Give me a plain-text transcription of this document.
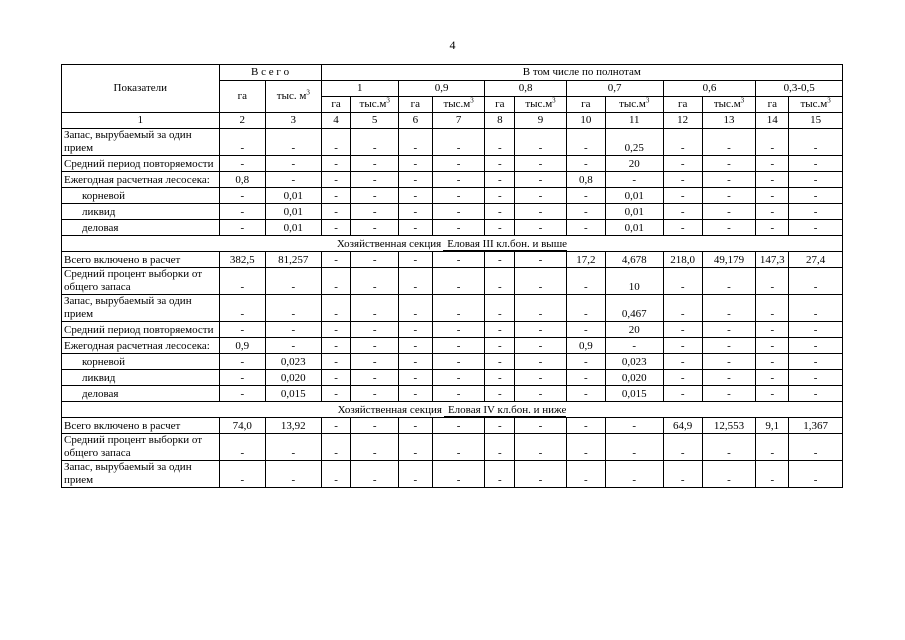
4
Показатели	В с е г о		В том числе по полнотам											
	га	тыс. $м^3$	1		0,9		0,8		0,7		0,6		0,3-0,5	
			га	$тыс.м^3$	га	$тыс.м^3$	га	$тыс.м^3$	га	$тыс.м^3$	га	$тыс.м^3$	га	$тыс.м^3$
1	2	3	4	5	6	7	8	9	10	11	12	13	14	15
Запас, вырубаемый за один прием	-	-	-	-	-	-	-	-	-	0,25	-	-	-	-
Средний период повторяемости	-	-	-	-	-	-	-	-	-	20	-	-	-	-
Ежегодная расчетная лесосека:	0,8	-	-	-	-	-	-	-	0,8	-	-	-	-	-
корневой	-	0,01	-	-	-	-	-	-	-	0,01	-	-	-	-
ликвид	-	0,01	-	-	-	-	-	-	-	0,01	-	-	-	-
деловая	-	0,01	-	-	-	-	-	-	-	0,01	-	-	-	-
Хозяйственная секция Еловая III кл.бон. и выше														
Всего включено в расчет	382,5	81,257	-	-	-	-	-	-	17,2	4,678	218,0	49,179	147,3	27,4
Средний процент выборки от общего запаса	-	-	-	-	-	-	-	-	-	10	-	-	-	-
Запас, вырубаемый за один прием	-	-	-	-	-	-	-	-	-	0,467	-	-	-	-
Средний период повторяемости	-	-	-	-	-	-	-	-	-	20	-	-	-	-
Ежегодная расчетная лесосека:	0,9	-	-	-	-	-	-	-	0,9	-	-	-	-	-
корневой	-	0,023	-	-	-	-	-	-	-	0,023	-	-	-	-
ликвид	-	0,020	-	-	-	-	-	-	-	0,020	-	-	-	-
деловая	-	0,015	-	-	-	-	-	-	-	0,015	-	-	-	-
Хозяйственная секция Еловая IV кл.бон. и ниже														
Всего включено в расчет	74,0	13,92	-	-	-	-	-	-	-	-	64,9	12,553	9,1	1,367
Средний процент выборки от общего запаса	-	-	-	-	-	-	-	-	-	-	-	-	-	-
Запас, вырубаемый за один прием	-	-	-	-	-	-	-	-	-	-	-	-	-	-
